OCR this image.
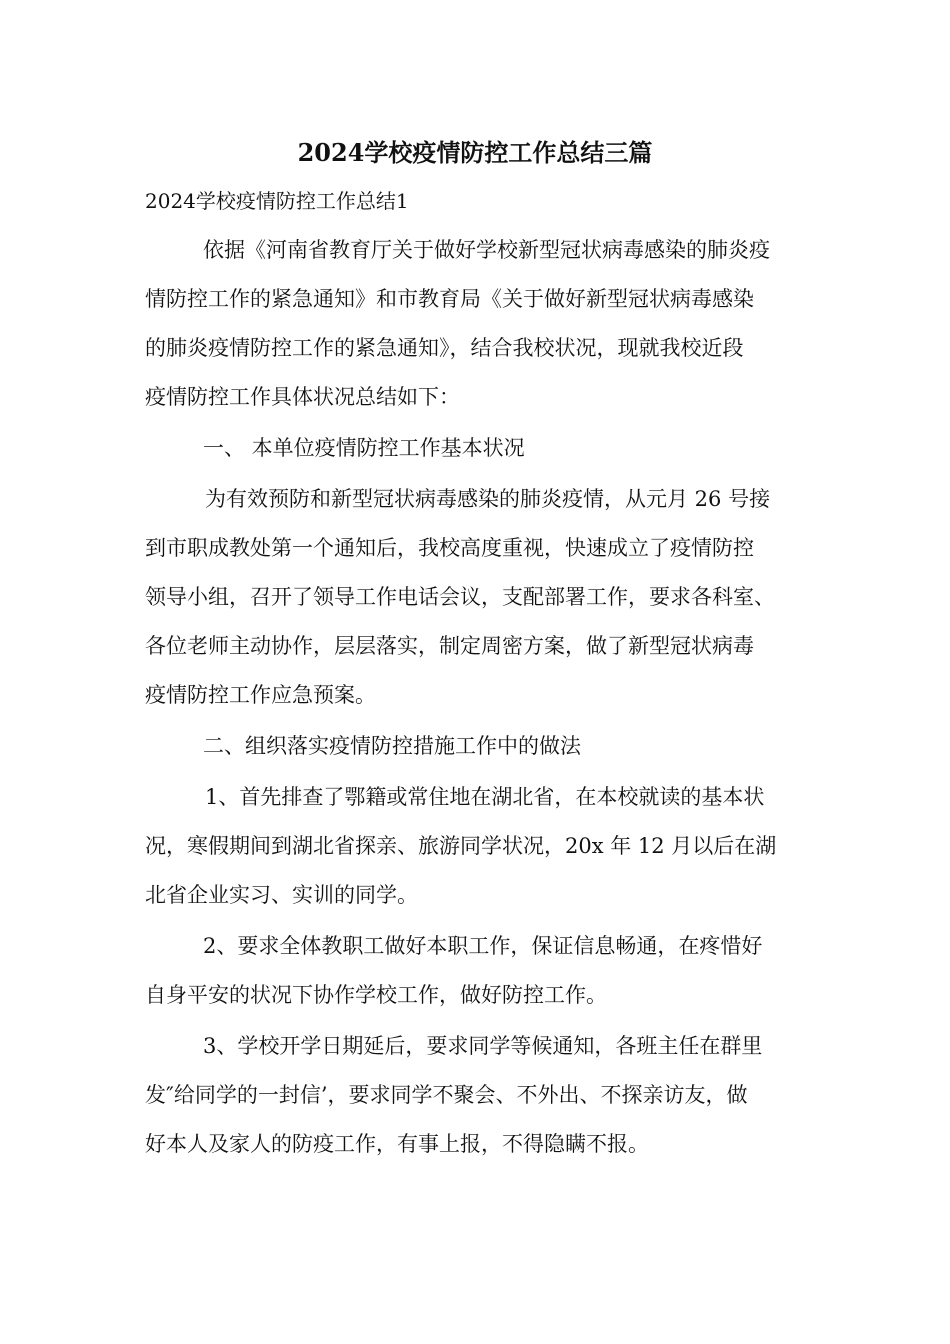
2024学校疫情防控工作总结三篇
2024学校疫情防控工作总结1
依据《河南省教育厅关于做好学校新型冠状病毒感染的肺炎疫
情防控工作的紧急通知》和市教育局《关于做好新型冠状病毒感染
的肺炎疫情防控工作的紧急通知》，结合我校状况，现就我校近段
疫情防控工作具体状况总结如下：
一、 本单位疫情防控工作基本状况
为有效预防和新型冠状病毒感染的肺炎疫情，从元月 26 号接
到市职成教处第一个通知后，我校高度重视，快速成立了疫情防控
领导小组，召开了领导工作电话会议，支配部署工作，要求各科室、
各位老师主动协作，层层落实，制定周密方案，做了新型冠状病毒
疫情防控工作应急预案。
二、组织落实疫情防控措施工作中的做法
1、首先排查了鄂籍或常住地在湖北省，在本校就读的基本状
况，寒假期间到湖北省探亲、旅游同学状况，20x 年 12 月以后在湖
北省企业实习、实训的同学。
2、要求全体教职工做好本职工作，保证信息畅通，在疼惜好
自身平安的状况下协作学校工作，做好防控工作。
3、学校开学日期延后，要求同学等候通知，各班主任在群里
发″给同学的一封信’，要求同学不聚会、不外出、不探亲访友，做
好本人及家人的防疫工作，有事上报，不得隐瞒不报。
